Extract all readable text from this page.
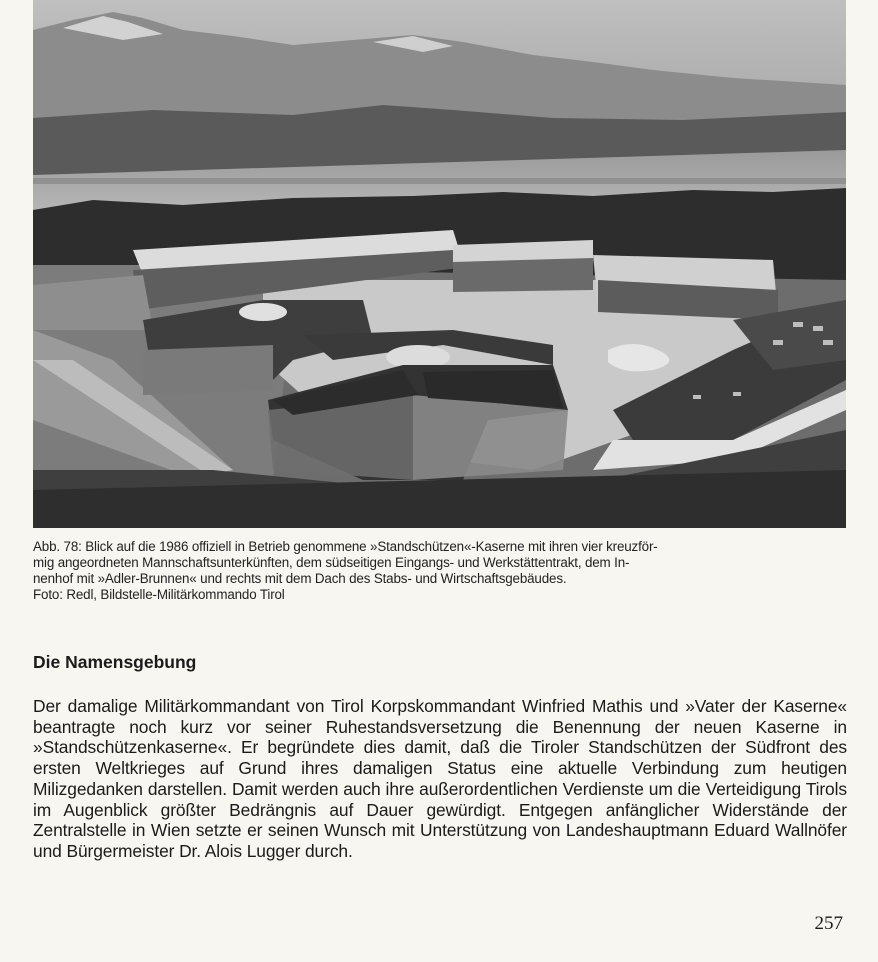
Abb. 78: Blick auf die 1986 offiziell in Betrieb genommene »Standschützen«-Kaserne mit ihren vier kreuzför-

mig angeordneten Mannschaftsunterkünften, dem südseitigen Eingangs- und Werkstättentrakt, dem In-

nenhof mit »Adler-Brunnen« und rechts mit dem Dach des Stabs- und Wirtschaftsgebäudes.

Foto: Redl, Bildstelle-Militärkommando Tirol

Die Namensgebung

Der damalige Militärkommandant von Tirol Korpskommandant Winfried Mathis und »Vater der Kaserne« beantragte noch kurz vor seiner Ruhestandsversetzung die Benennung der neuen Kaserne in »Standschützenkaserne«. Er begründete dies damit, daß die Tiroler Standschützen der Südfront des ersten Weltkrieges auf Grund ihres damaligen Status eine aktuelle Verbindung zum heutigen Milizgedanken darstellen. Damit werden auch ihre außerordentlichen Verdienste um die Verteidigung Tirols im Augenblick größter Bedrängnis auf Dauer gewürdigt. Entgegen anfänglicher Widerstände der Zentralstelle in Wien setzte er seinen Wunsch mit Unterstützung von Landeshauptmann Eduard Wallnöfer und Bürgermeister Dr. Alois Lugger durch.

257
